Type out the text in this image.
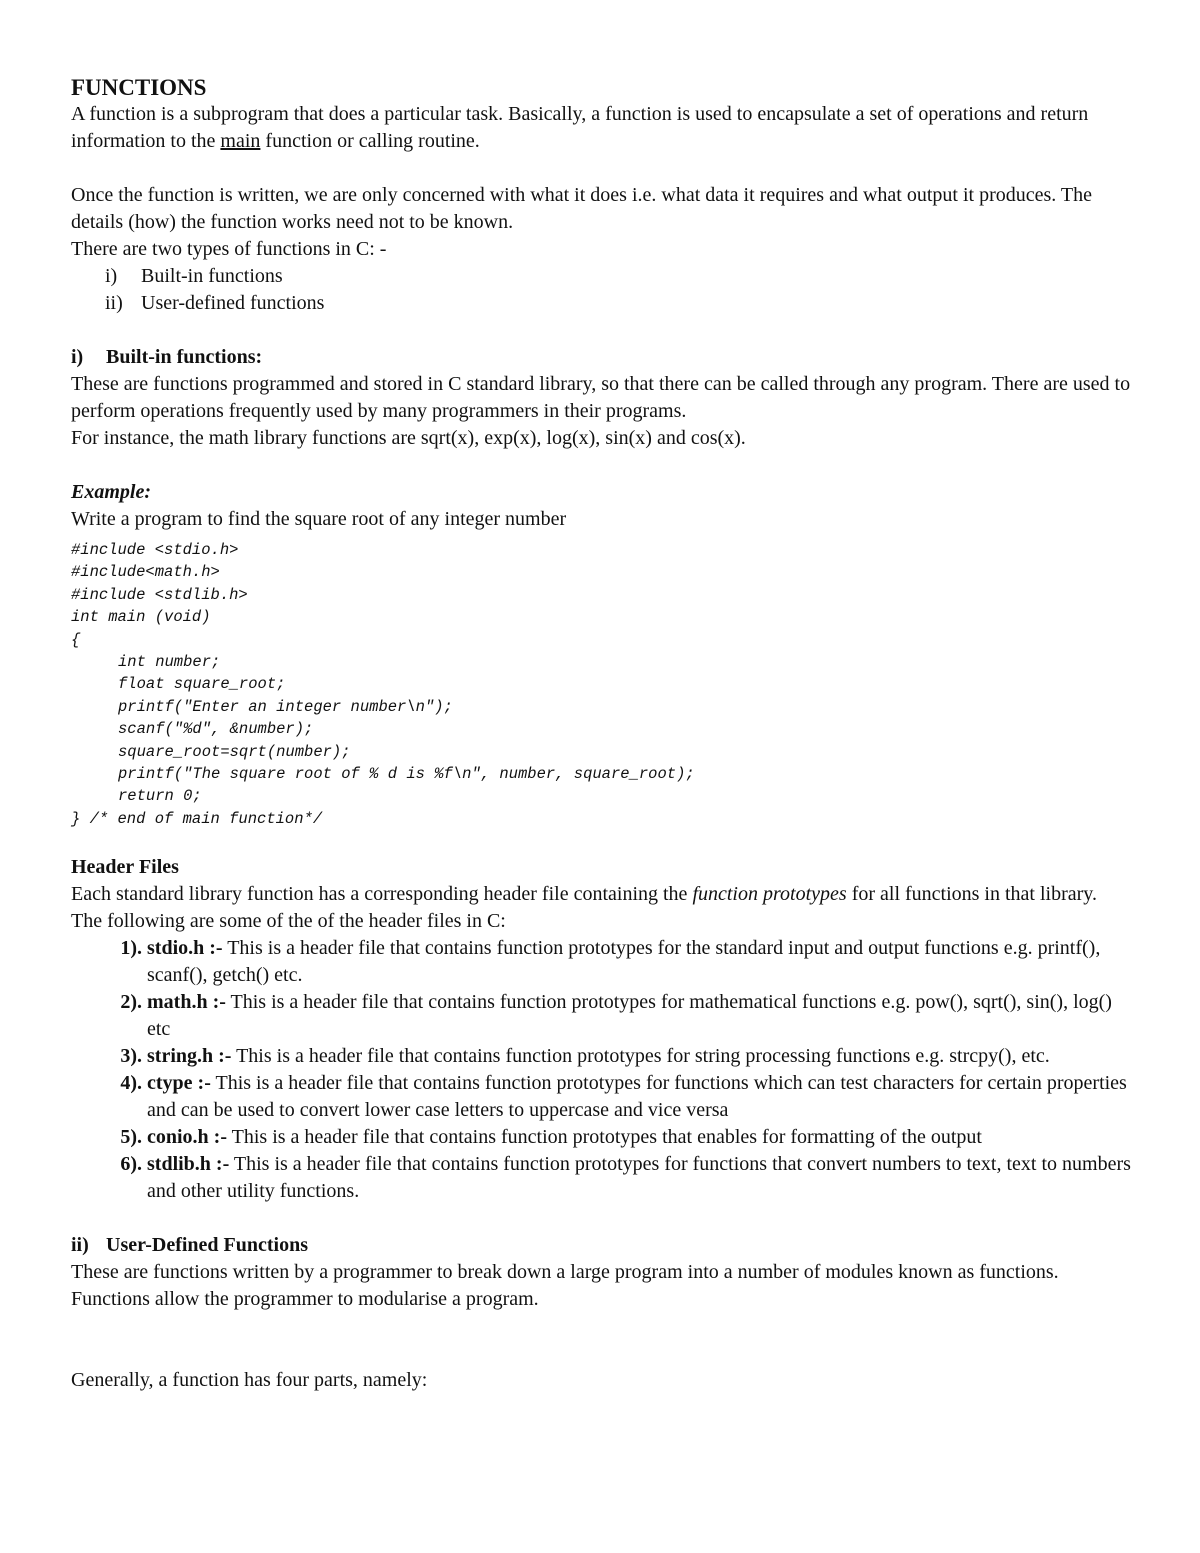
FUNCTIONS

A function is a subprogram that does a particular task. Basically, a function is used to encapsulate a set of operations and return information to the main function or calling routine.

Once the function is written, we are only concerned with what it does i.e. what data it requires and what output it produces. The details (how) the function works need not to be known.

There are two types of functions in C: -

i)	Built-in functions
ii) User-defined functions
i)	Built-in functions:

These are functions programmed and stored in C standard library, so that there can be called through any program. There are used to perform operations frequently used by many programmers in their programs.

For instance, the math library functions are sqrt(x), exp(x), log(x), sin(x) and cos(x).

Example:

Write a program to find the square root of any integer number

#include <stdio.h>
#include<math.h>
#include <stdlib.h>
int main (void)
{
int number;
float square_root;
printf("Enter an integer number\n");
scanf("%d", &number);
square_root=sqrt(number);
printf("The square root of % d is %f\n", number, square_root);
return 0;
} /* end of main function*/

Header Files

Each standard library function has a corresponding header file containing the function prototypes for all functions in that library. The following are some of the of the header files in C:

1). stdio.h :- This is a header file that contains function prototypes for the standard input and output functions e.g. printf(), scanf(), getch() etc.
2). math.h :- This is a header file that contains function prototypes for mathematical functions e.g. pow(), sqrt(), sin(), log() etc
3). string.h :- This is a header file that contains function prototypes for string processing functions e.g. strcpy(), etc.
4). ctype :- This is a header file that contains function prototypes for functions which can test characters for certain properties and can be used to convert lower case letters to uppercase and vice versa
5). conio.h :- This is a header file that contains function prototypes that enables for formatting of the output
6). stdlib.h :- This is a header file that contains function prototypes for functions that convert numbers to text, text to numbers and other utility functions.
ii) User-Defined Functions

These are functions written by a programmer to break down a large program into a number of modules known as functions. Functions allow the programmer to modularise a program.

Generally, a function has four parts, namely:
